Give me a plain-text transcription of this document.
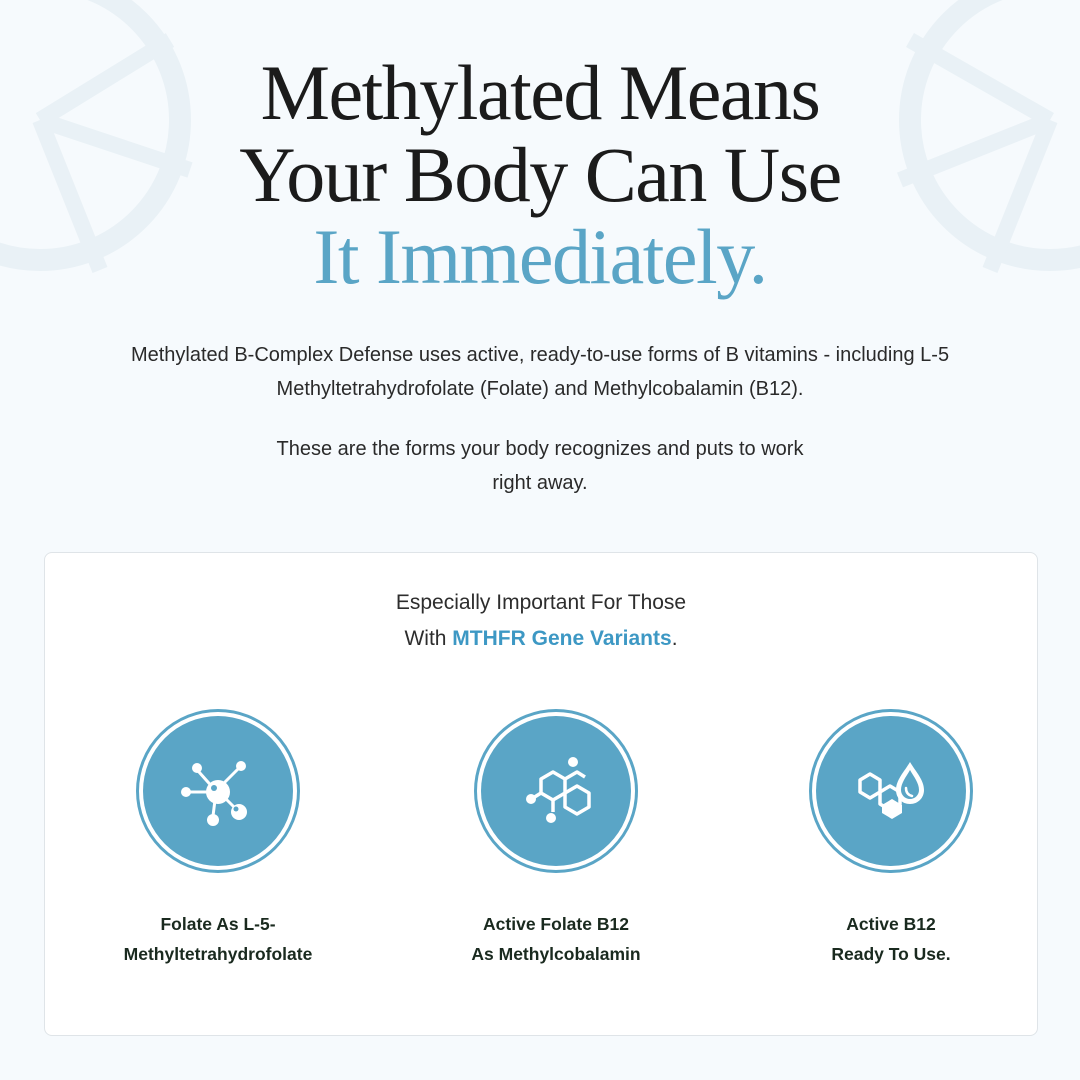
Methylated Means
Your Body Can Use
It Immediately.

Methylated B-Complex Defense uses active, ready-to-use forms of B vitamins - including L-5 Methyltetrahydrofolate (Folate) and Methylcobalamin (B12).

These are the forms your body recognizes and puts to work right away.

Especially Important For Those
With MTHFR Gene Variants.
Folate As L-5-
Methyltetrahydrofolate
Active Folate B12
As Methylcobalamin
Active B12
Ready To Use.
